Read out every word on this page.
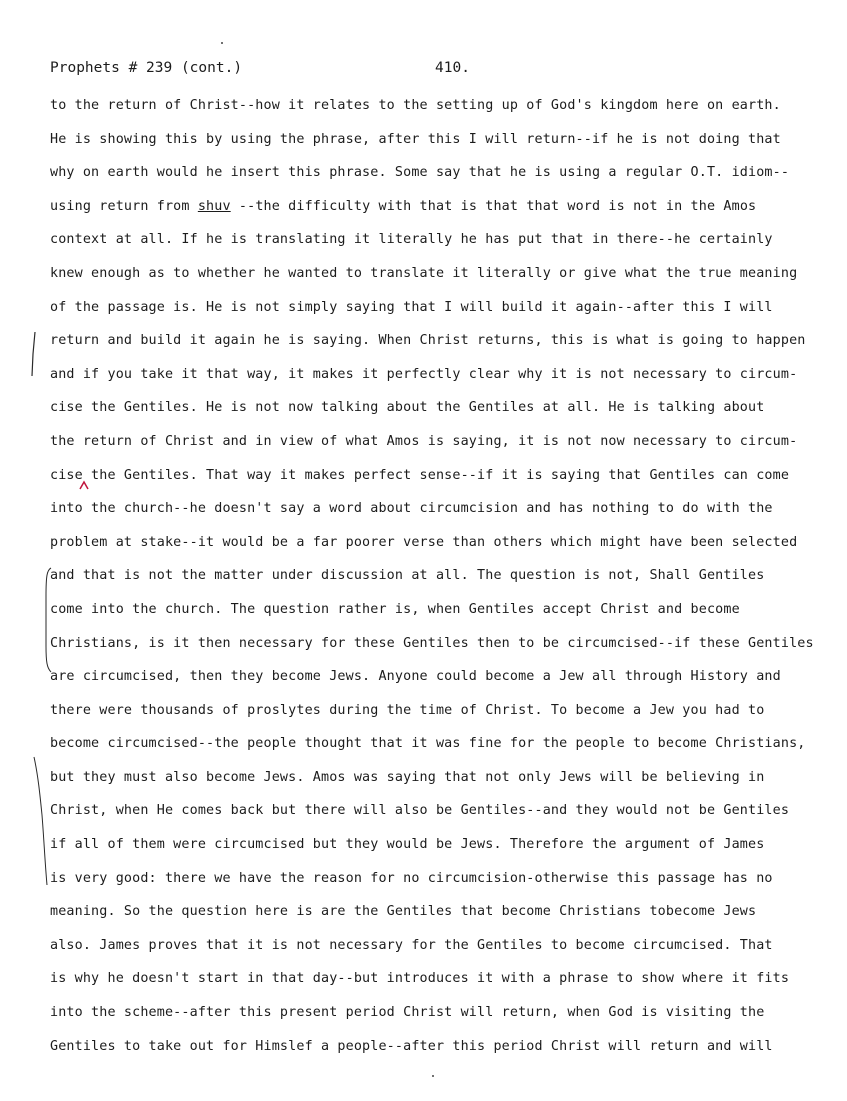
Prophets # 239 (cont.)	410.
to the return of Christ--how it relates to the setting up of God's kingdom here on earth.
He is showing this by using the phrase, after this I will return--if he is not doing that
why on earth would he insert this phrase. Some say that he is using a regular O.T. idiom--
using return from shuv --the difficulty with that is that that word is not in the Amos
context at all. If he is translating it literally he has put that in there--he certainly
knew enough as to whether he wanted to translate it literally or give what the true meaning
of the passage is. He is not simply saying that I will build it again--after this I will
return and build it again he is saying. When Christ returns, this is what is going to happen
and if you take it that way, it makes it perfectly clear why it is not necessary to circum-
cise the Gentiles. He is not now talking about the Gentiles at all. He is talking about
the return of Christ and in view of what Amos is saying, it is not now necessary to circum-
cise the Gentiles. That way it makes perfect sense--if it is saying that Gentiles can come
into the church--he doesn't say a word about circumcision and has nothing to do with the
problem at stake--it would be a far poorer verse than others which might have been selected
and that is not the matter under discussion at all. The question is not, Shall Gentiles
come into the church. The question rather is, when Gentiles accept Christ and become
Christians, is it then necessary for these Gentiles then to be circumcised--if these Gentiles
are circumcised, then they become Jews. Anyone could become a Jew all through History and
there were thousands of proslytes during the time of Christ. To become a Jew you had to
become circumcised--the people thought that it was fine for the people to become Christians,
but they must also become Jews. Amos was saying that not only Jews will be believing in
Christ, when He comes back but there will also be Gentiles--and they would not be Gentiles
if all of them were circumcised but they would be Jews. Therefore the argument of James
is very good: there we have the reason for no circumcision-otherwise this passage has no
meaning. So the question here is are the Gentiles that become Christians tobecome Jews
also. James proves that it is not necessary for the Gentiles to become circumcised. That
is why he doesn't start in that day--but introduces it with a phrase to show where it fits
into the scheme--after this present period Christ will return, when God is visiting the
Gentiles to take out for Himslef a people--after this period Christ will return and will
